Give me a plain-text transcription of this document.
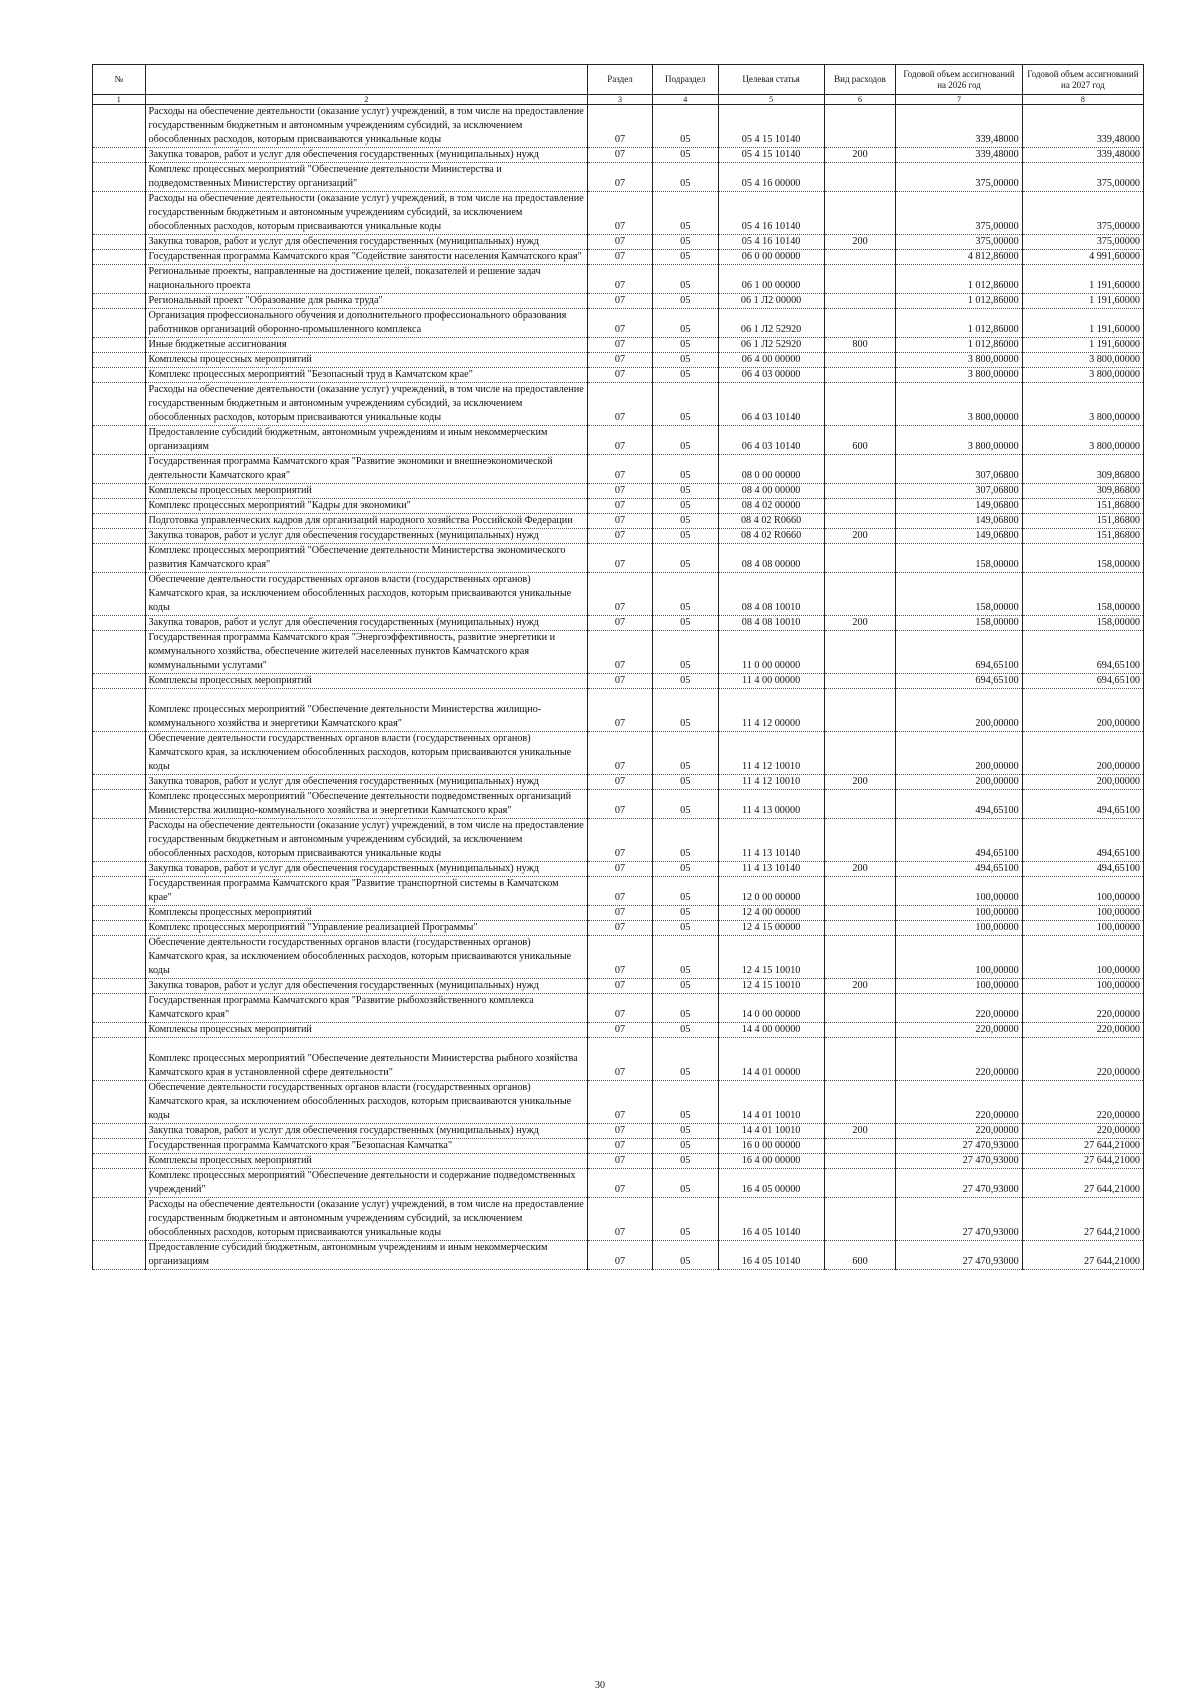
№		Раздел	Подраздел	Целевая статья	Вид расходов	Годовой объем ассигнований на 2026 год	Годовой объем ассигнований на 2027 год
1	2	3	4	5	6	7	8
	Расходы на обеспечение деятельности (оказание услуг) учреждений, в том числе на предоставление государственным бюджетным и автономным учреждениям субсидий, за исключением обособленных расходов, которым присваиваются уникальные коды	07	05	05 4 15 10140		339,48000	339,48000
	Закупка товаров, работ и услуг для обеспечения государственных (муниципальных) нужд	07	05	05 4 15 10140	200	339,48000	339,48000
	Комплекс процессных мероприятий "Обеспечение деятельности Министерства и подведомственных Министерству организаций"	07	05	05 4 16 00000		375,00000	375,00000
	Расходы на обеспечение деятельности (оказание услуг) учреждений, в том числе на предоставление государственным бюджетным и автономным учреждениям субсидий, за исключением обособленных расходов, которым присваиваются уникальные коды	07	05	05 4 16 10140		375,00000	375,00000
	Закупка товаров, работ и услуг для обеспечения государственных (муниципальных) нужд	07	05	05 4 16 10140	200	375,00000	375,00000
	Государственная программа Камчатского края "Содействие занятости населения Камчатского края"	07	05	06 0 00 00000		4 812,86000	4 991,60000
	Региональные проекты, направленные на достижение целей, показателей и решение задач национального проекта	07	05	06 1 00 00000		1 012,86000	1 191,60000
	Региональный проект "Образование для рынка труда"	07	05	06 1 Л2 00000		1 012,86000	1 191,60000
	Организация профессионального обучения и дополнительного профессионального образования работников организаций оборонно-промышленного комплекса	07	05	06 1 Л2 52920		1 012,86000	1 191,60000
	Иные бюджетные ассигнования	07	05	06 1 Л2 52920	800	1 012,86000	1 191,60000
	Комплексы процессных мероприятий	07	05	06 4 00 00000		3 800,00000	3 800,00000
	Комплекс процессных мероприятий "Безопасный труд в Камчатском крае"	07	05	06 4 03 00000		3 800,00000	3 800,00000
	Расходы на обеспечение деятельности (оказание услуг) учреждений, в том числе на предоставление государственным бюджетным и автономным учреждениям субсидий, за исключением обособленных расходов, которым присваиваются уникальные коды	07	05	06 4 03 10140		3 800,00000	3 800,00000
	Предоставление субсидий бюджетным, автономным учреждениям и иным некоммерческим организациям	07	05	06 4 03 10140	600	3 800,00000	3 800,00000
	Государственная программа Камчатского края "Развитие экономики и внешнеэкономической деятельности Камчатского края"	07	05	08 0 00 00000		307,06800	309,86800
	Комплексы процессных мероприятий	07	05	08 4 00 00000		307,06800	309,86800
	Комплекс процессных мероприятий "Кадры для экономики"	07	05	08 4 02 00000		149,06800	151,86800
	Подготовка управленческих кадров для организаций народного хозяйства Российской Федерации	07	05	08 4 02 R0660		149,06800	151,86800
	Закупка товаров, работ и услуг для обеспечения государственных (муниципальных) нужд	07	05	08 4 02 R0660	200	149,06800	151,86800
	Комплекс процессных мероприятий "Обеспечение деятельности Министерства экономического развития Камчатского края"	07	05	08 4 08 00000		158,00000	158,00000
	Обеспечение деятельности государственных органов власти (государственных органов) Камчатского края, за исключением обособленных расходов, которым присваиваются уникальные коды	07	05	08 4 08 10010		158,00000	158,00000
	Закупка товаров, работ и услуг для обеспечения государственных (муниципальных) нужд	07	05	08 4 08 10010	200	158,00000	158,00000
	Государственная программа Камчатского края "Энергоэффективность, развитие энергетики и коммунального хозяйства, обеспечение жителей населенных пунктов Камчатского края коммунальными услугами"	07	05	11 0 00 00000		694,65100	694,65100
	Комплексы процессных мероприятий	07	05	11 4 00 00000		694,65100	694,65100
	Комплекс процессных мероприятий "Обеспечение деятельности Министерства жилищно-коммунального хозяйства и энергетики Камчатского края"	07	05	11 4 12 00000		200,00000	200,00000
	Обеспечение деятельности государственных органов власти (государственных органов) Камчатского края, за исключением обособленных расходов, которым присваиваются уникальные коды	07	05	11 4 12 10010		200,00000	200,00000
	Закупка товаров, работ и услуг для обеспечения государственных (муниципальных) нужд	07	05	11 4 12 10010	200	200,00000	200,00000
	Комплекс процессных мероприятий "Обеспечение деятельности подведомственных организаций Министерства жилищно-коммунального хозяйства и энергетики Камчатского края"	07	05	11 4 13 00000		494,65100	494,65100
	Расходы на обеспечение деятельности (оказание услуг) учреждений, в том числе на предоставление государственным бюджетным и автономным учреждениям субсидий, за исключением обособленных расходов, которым присваиваются уникальные коды	07	05	11 4 13 10140		494,65100	494,65100
	Закупка товаров, работ и услуг для обеспечения государственных (муниципальных) нужд	07	05	11 4 13 10140	200	494,65100	494,65100
	Государственная программа Камчатского края "Развитие транспортной системы в Камчатском крае"	07	05	12 0 00 00000		100,00000	100,00000
	Комплексы процессных мероприятий	07	05	12 4 00 00000		100,00000	100,00000
	Комплекс процессных мероприятий "Управление реализацией Программы"	07	05	12 4 15 00000		100,00000	100,00000
	Обеспечение деятельности государственных органов власти (государственных органов) Камчатского края, за исключением обособленных расходов, которым присваиваются уникальные коды	07	05	12 4 15 10010		100,00000	100,00000
	Закупка товаров, работ и услуг для обеспечения государственных (муниципальных) нужд	07	05	12 4 15 10010	200	100,00000	100,00000
	Государственная программа Камчатского края "Развитие рыбохозяйственного комплекса Камчатского края"	07	05	14 0 00 00000		220,00000	220,00000
	Комплексы процессных мероприятий	07	05	14 4 00 00000		220,00000	220,00000
	Комплекс процессных мероприятий "Обеспечение деятельности Министерства рыбного хозяйства Камчатского края в установленной сфере деятельности"	07	05	14 4 01 00000		220,00000	220,00000
	Обеспечение деятельности государственных органов власти (государственных органов) Камчатского края, за исключением обособленных расходов, которым присваиваются уникальные коды	07	05	14 4 01 10010		220,00000	220,00000
	Закупка товаров, работ и услуг для обеспечения государственных (муниципальных) нужд	07	05	14 4 01 10010	200	220,00000	220,00000
	Государственная программа Камчатского края "Безопасная Камчатка"	07	05	16 0 00 00000		27 470,93000	27 644,21000
	Комплексы процессных мероприятий	07	05	16 4 00 00000		27 470,93000	27 644,21000
	Комплекс процессных мероприятий "Обеспечение деятельности и содержание подведомственных учреждений"	07	05	16 4 05 00000		27 470,93000	27 644,21000
	Расходы на обеспечение деятельности (оказание услуг) учреждений, в том числе на предоставление государственным бюджетным и автономным учреждениям субсидий, за исключением обособленных расходов, которым присваиваются уникальные коды	07	05	16 4 05 10140		27 470,93000	27 644,21000
	Предоставление субсидий бюджетным, автономным учреждениям и иным некоммерческим организациям	07	05	16 4 05 10140	600	27 470,93000	27 644,21000
30
